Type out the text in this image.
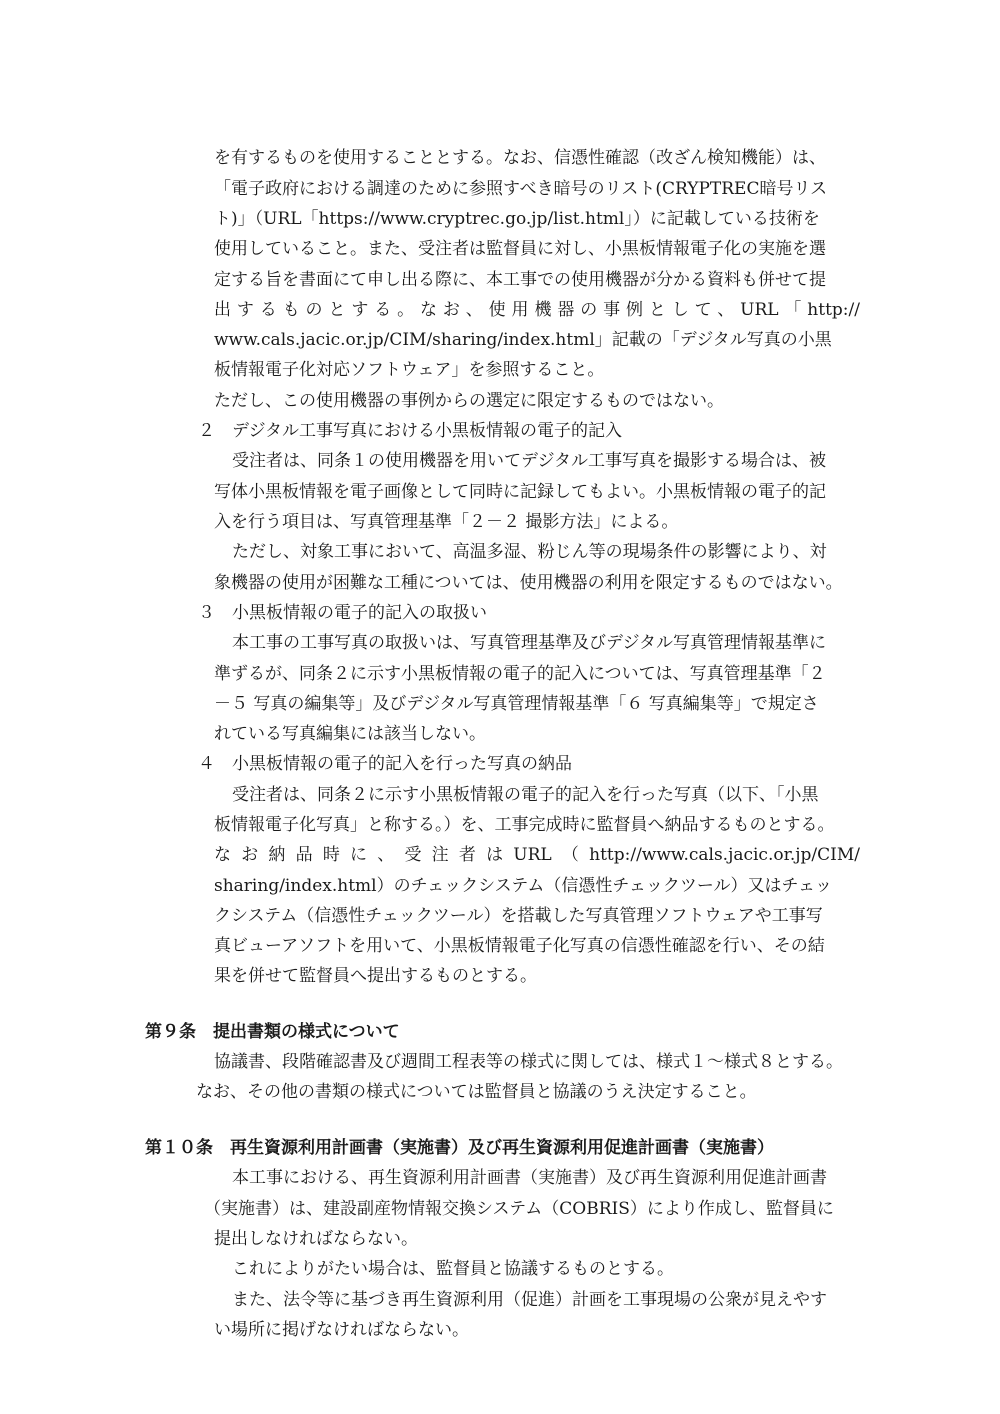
を有するものを使用することとする。なお、信憑性確認（改ざん検知機能）は、
「電子政府における調達のために参照すべき暗号のリスト(CRYPTREC暗号リス
ト)」（URL「https://www.cryptrec.go.jp/list.html」）に記載している技術を
使用していること。また、受注者は監督員に対し、小黒板情報電子化の実施を選
定する旨を書面にて申し出る際に、本工事での使用機器が分かる資料も併せて提
出するものとする。なお、使用機器の事例として、URL「http://
www.cals.jacic.or.jp/CIM/sharing/index.html」記載の「デジタル写真の小黒
板情報電子化対応ソフトウェア」を参照すること。
ただし、この使用機器の事例からの選定に限定するものではない。
２ デジタル工事写真における小黒板情報の電子的記入
受注者は、同条１の使用機器を用いてデジタル工事写真を撮影する場合は、被
写体小黒板情報を電子画像として同時に記録してもよい。小黒板情報の電子的記
入を行う項目は、写真管理基準「２－２ 撮影方法」による。
ただし、対象工事において、高温多湿、粉じん等の現場条件の影響により、対
象機器の使用が困難な工種については、使用機器の利用を限定するものではない。
３ 小黒板情報の電子的記入の取扱い
本工事の工事写真の取扱いは、写真管理基準及びデジタル写真管理情報基準に
準ずるが、同条２に示す小黒板情報の電子的記入については、写真管理基準「２
－５ 写真の編集等」及びデジタル写真管理情報基準「６ 写真編集等」で規定さ
れている写真編集には該当しない。
４ 小黒板情報の電子的記入を行った写真の納品
受注者は、同条２に示す小黒板情報の電子的記入を行った写真（以下、「小黒
板情報電子化写真」と称する。）を、工事完成時に監督員へ納品するものとする。
なお納品時に、受注者はURL（http://www.cals.jacic.or.jp/CIM/
sharing/index.html）のチェックシステム（信憑性チェックツール）又はチェッ
クシステム（信憑性チェックツール）を搭載した写真管理ソフトウェアや工事写
真ビューアソフトを用いて、小黒板情報電子化写真の信憑性確認を行い、その結
果を併せて監督員へ提出するものとする。
第９条　提出書類の様式について
協議書、段階確認書及び週間工程表等の様式に関しては、様式１～様式８とする。
なお、その他の書類の様式については監督員と協議のうえ決定すること。
第１０条　再生資源利用計画書（実施書）及び再生資源利用促進計画書（実施書）
本工事における、再生資源利用計画書（実施書）及び再生資源利用促進計画書
（実施書）は、建設副産物情報交換システム（COBRIS）により作成し、監督員に
提出しなければならない。
これによりがたい場合は、監督員と協議するものとする。
また、法令等に基づき再生資源利用（促進）計画を工事現場の公衆が見えやす
い場所に掲げなければならない。
